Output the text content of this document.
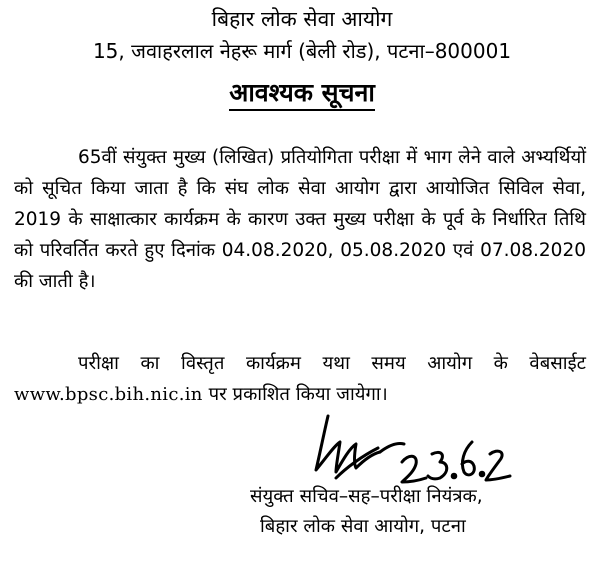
बिहार लोक सेवा आयोग
15, जवाहरलाल नेहरू मार्ग (बेली रोड), पटना–800001
आवश्यक सूचना
65वीं संयुक्त मुख्य (लिखित) प्रतियोगिता परीक्षा में भाग लेने वाले अभ्यर्थियों को सूचित किया जाता है कि संघ लोक सेवा आयोग द्वारा आयोजित सिविल सेवा, 2019 के साक्षात्कार कार्यक्रम के कारण उक्त मुख्य परीक्षा के पूर्व के निर्धारित तिथि को परिवर्तित करते हुए दिनांक 04.08.2020, 05.08.2020 एवं 07.08.2020 की जाती है।
परीक्षा का विस्तृत कार्यक्रम यथा समय आयोग के वेबसाईट www.bpsc.bih.nic.in पर प्रकाशित किया जायेगा।
संयुक्त सचिव–सह–परीक्षा नियंत्रक,
बिहार लोक सेवा आयोग, पटना
